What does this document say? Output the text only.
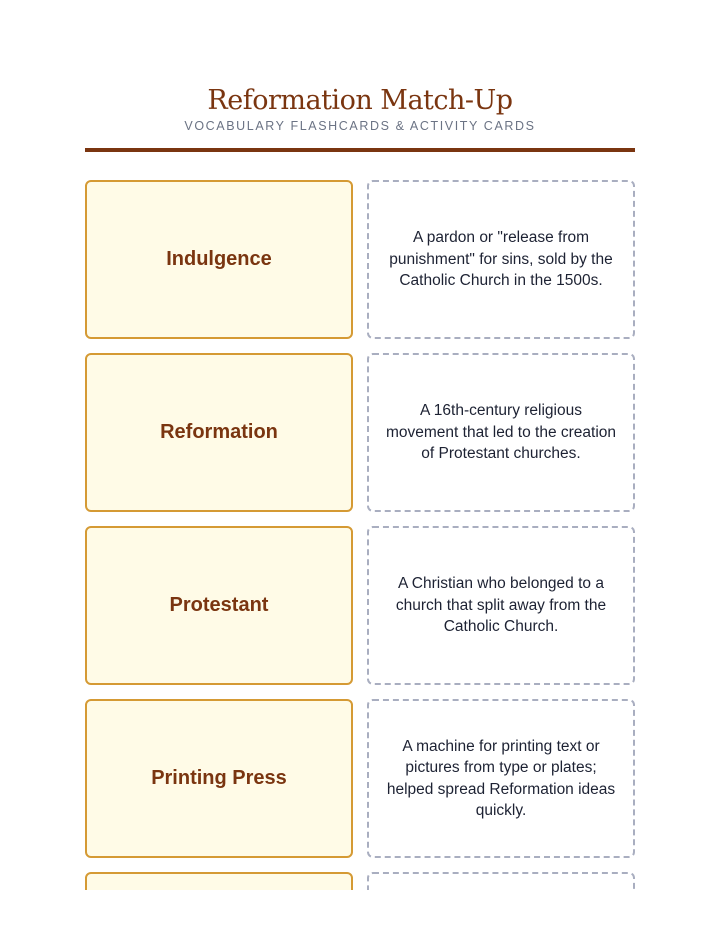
Reformation Match-Up
VOCABULARY FLASHCARDS & ACTIVITY CARDS
Indulgence
A pardon or "release from punishment" for sins, sold by the Catholic Church in the 1500s.
Reformation
A 16th-century religious movement that led to the creation of Protestant churches.
Protestant
A Christian who belonged to a church that split away from the Catholic Church.
Printing Press
A machine for printing text or pictures from type or plates; helped spread Reformation ideas quickly.
